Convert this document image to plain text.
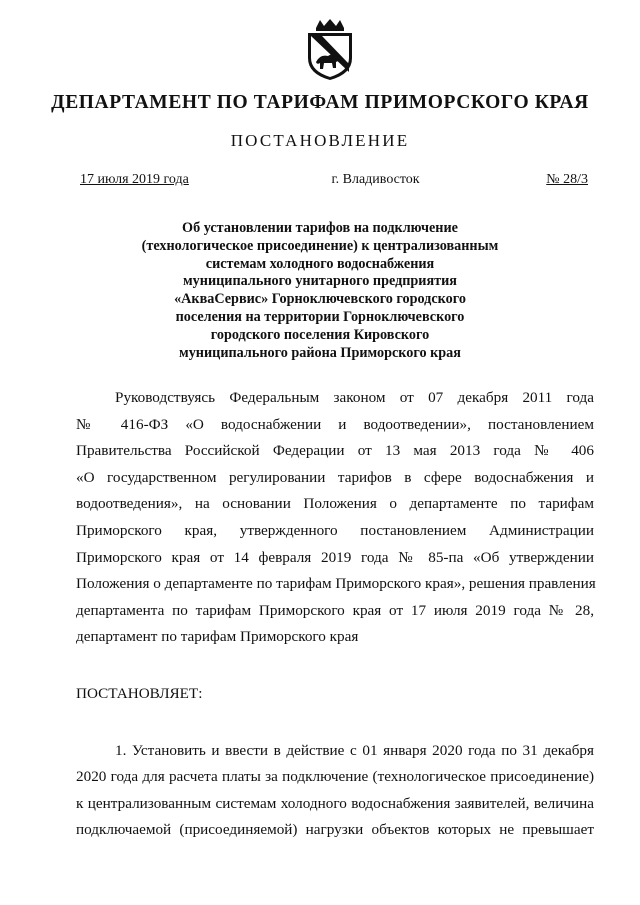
ДЕПАРТАМЕНТ ПО ТАРИФАМ ПРИМОРСКОГО КРАЯ
ПОСТАНОВЛЕНИЕ
17 июля 2019 года	г. Владивосток	№ 28/3
Об установлении тарифов на подключение
(технологическое присоединение) к централизованным
системам холодного водоснабжения
муниципального унитарного предприятия
«АкваСервис» Горноключевского городского
поселения на территории Горноключевского
городского поселения Кировского
муниципального района Приморского края
Руководствуясь Федеральным законом от 07 декабря 2011 года
№ 416-ФЗ «О водоснабжении и водоотведении», постановлением
Правительства Российской Федерации от 13 мая 2013 года № 406
«О государственном регулировании тарифов в сфере водоснабжения и
водоотведения», на основании Положения о департаменте по тарифам
Приморского края, утвержденного постановлением Администрации
Приморского края от 14 февраля 2019 года № 85-па «Об утверждении
Положения о департаменте по тарифам Приморского края», решения правления
департамента по тарифам Приморского края от 17 июля 2019 года № 28,
департамент по тарифам Приморского края
ПОСТАНОВЛЯЕТ:
1. Установить и ввести в действие с 01 января 2020 года по 31 декабря
2020 года для расчета платы за подключение (технологическое присоединение)
к централизованным системам холодного водоснабжения заявителей, величина
подключаемой (присоединяемой) нагрузки объектов которых не превышает
